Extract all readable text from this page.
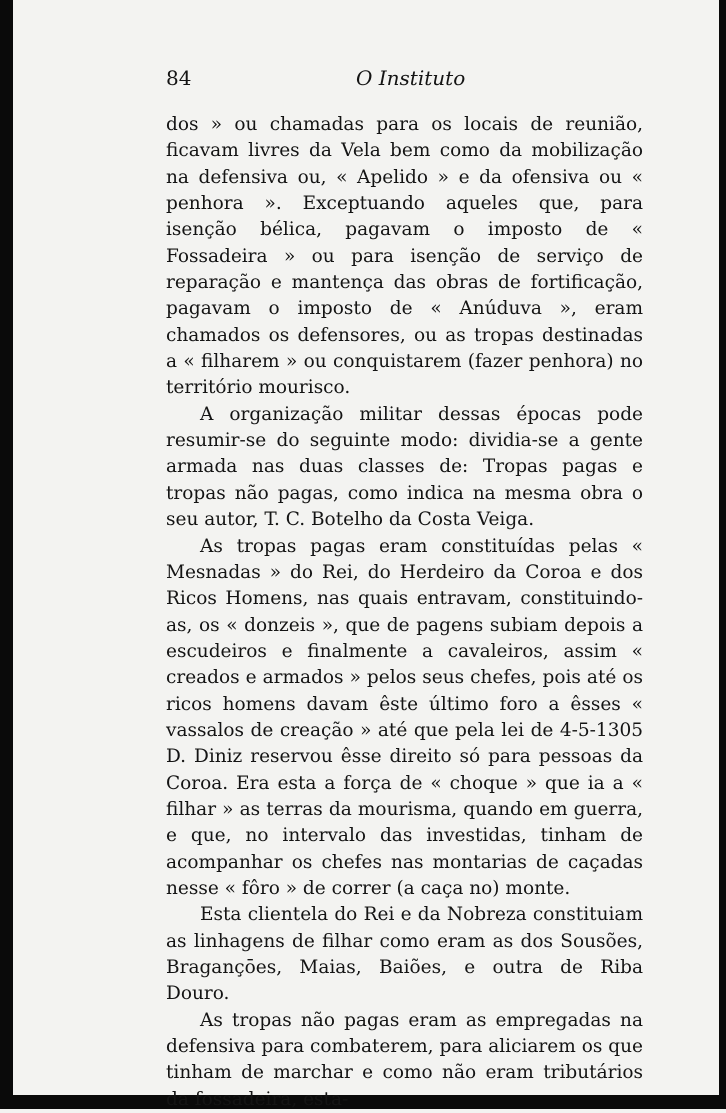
84	O Instituto

dos » ou chamadas para os locais de reunião, ficavam livres da Vela bem como da mobilização na defensiva ou, « Apelido » e da ofensiva ou « penhora ». Exceptuando aqueles que, para isenção bélica, pagavam o imposto de « Fossadeira » ou para isenção de serviço de reparação e mantença das obras de fortificação, pagavam o imposto de « Anúduva », eram chamados os defensores, ou as tropas destinadas a « filharem » ou conquistarem (fazer penhora) no território mourisco.

A organização militar dessas épocas pode resumir-se do seguinte modo: dividia-se a gente armada nas duas classes de: Tropas pagas e tropas não pagas, como indica na mesma obra o seu autor, T. C. Botelho da Costa Veiga.

As tropas pagas eram constituídas pelas « Mesnadas » do Rei, do Herdeiro da Coroa e dos Ricos Homens, nas quais entravam, constituindo-as, os « donzeis », que de pagens subiam depois a escudeiros e finalmente a cavaleiros, assim « creados e armados » pelos seus chefes, pois até os ricos homens davam êste último foro a êsses « vassalos de creação » até que pela lei de 4-5-1305 D. Diniz reservou êsse direito só para pessoas da Coroa. Era esta a força de « choque » que ia a « filhar » as terras da mourisma, quando em guerra, e que, no intervalo das investidas, tinham de acompanhar os chefes nas montarias de caçadas nesse « fôro » de correr (a caça no) monte.

Esta clientela do Rei e da Nobreza constituiam as linhagens de filhar como eram as dos Sousões, Bragançōes, Maias, Baiões, e outra de Riba Douro.

As tropas não pagas eram as empregadas na defensiva para combaterem, para aliciarem os que tinham de marchar e como não eram tributários da fossadeira, esta-
